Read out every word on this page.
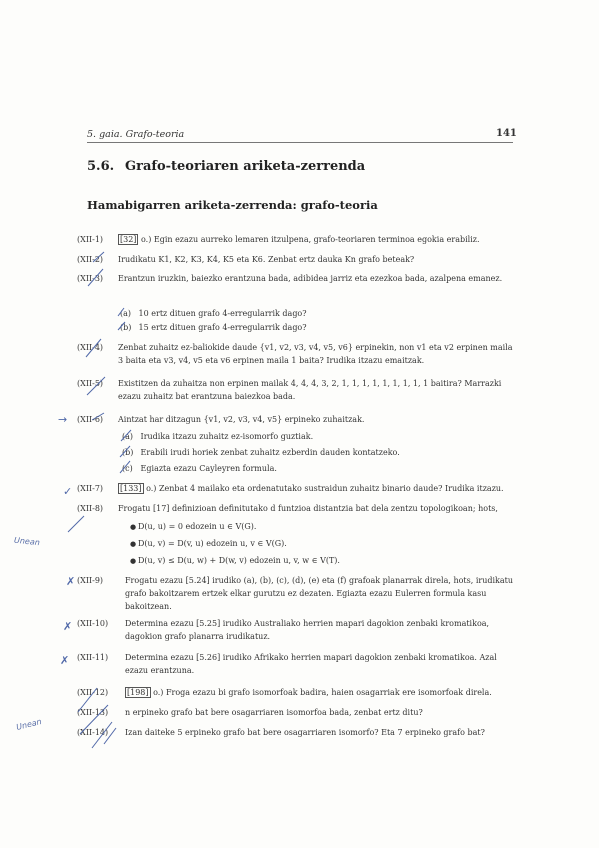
5. gaia. Grafo-teoria	141
5.6. Grafo-teoriaren ariketa-zerrenda
Hamabigarren ariketa-zerrenda: grafo-teoria
(XII-1) [32] o.) Egin ezazu aurreko lemaren itzulpena, grafo-teoriaren terminoa egokia erabiliz.
(XII-2) Irudikatu K1, K2, K3, K4, K5 eta K6. Zenbat ertz dauka Kn grafo beteak?
(XII-3) Erantzun iruzkin, baiezko erantzuna bada, adibidea jarriz eta ezezkoa bada, azalpena emanez.
(a) 10 ertz dituen grafo 4-erregularrik dago?
(b) 15 ertz dituen grafo 4-erregularrik dago?
(XII-4) Zenbat zuhaitz ez-baliokide daude {v1, v2, v3, v4, v5, v6} erpinekin, non v1 eta v2 erpinen maila 3 baita eta v3, v4, v5 eta v6 erpinen maila 1 baita? Irudika itzazu emaitzak.
(XII-5) Existitzen da zuhaitza non erpinen mailak 4, 4, 4, 3, 2, 1, 1, 1, 1, 1, 1, 1, 1, 1 baitira? Marrazki ezazu zuhaitz bat erantzuna baiezkoa bada.
(XII-6) Aintzat har ditzagun {v1, v2, v3, v4, v5} erpineko zuhaitzak.
(a) Irudika itzazu zuhaitz ez-isomorfo guztiak.
(b) Erabili irudi horiek zenbat zuhaitz ezberdin dauden kontatzeko.
(c) Egiazta ezazu Cayleyren formula.
(XII-7) [133] o.) Zenbat 4 mailako eta ordenatutako sustraidun zuhaitz binario daude? Irudika itzazu.
(XII-8) Frogatu [17] definizioan definitutako d funtzioa distantzia bat dela zentzu topologikoan; hots,
● D(u, u) = 0 edozein u ∈ V(G).
● D(u, v) = D(v, u) edozein u, v ∈ V(G).
● D(u, v) ≤ D(u, w) + D(w, v) edozein u, v, w ∈ V(T).
(XII-9)	Frogatu ezazu [5.24] irudiko (a), (b), (c), (d), (e) eta (f) grafoak planarrak direla, hots, irudikatu grafo bakoitzarem ertzek elkar gurutzu ez dezaten. Egiazta ezazu Eulerren formula kasu bakoitzean.
(XII-10) Determina ezazu [5.25] irudiko Australiako herrien mapari dagokion zenbaki kromatikoa, dagokion grafo planarra irudikatuz.
(XII-11) Determina ezazu [5.26] irudiko Afrikako herrien mapari dagokion zenbaki kromatikoa. Azal ezazu erantzuna.
(XII-12) [198] o.) Froga ezazu bi grafo isomorfoak badira, haien osagarriak ere isomorfoak direla.
(XII-13) n erpineko grafo bat bere osagarriaren isomorfoa bada, zenbat ertz ditu?
(XII-14) Izan daiteke 5 erpineko grafo bat bere osagarriaren isomorfo? Eta 7 erpineko grafo bat?
Unean
Unean
→
✓
✗
✗
✗
